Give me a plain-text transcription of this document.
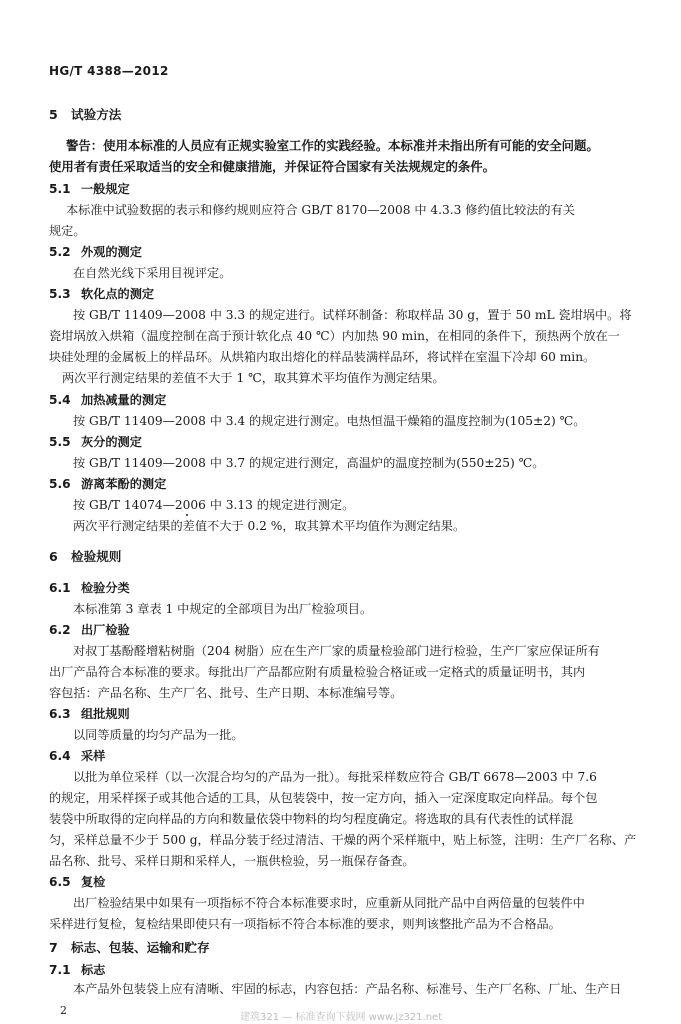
HG/T 4388—2012
5 试验方法
警告：使用本标准的人员应有正规实验室工作的实践经验。本标准并未指出所有可能的安全问题。
使用者有责任采取适当的安全和健康措施，并保证符合国家有关法规规定的条件。
5.1 一般规定
本标准中试验数据的表示和修约规则应符合 GB/T 8170—2008 中 4.3.3 修约值比较法的有关
规定。
5.2 外观的测定
在自然光线下采用目视评定。
5.3 软化点的测定
按 GB/T 11409—2008 中 3.3 的规定进行。试样环制备：称取样品 30 g，置于 50 mL 瓷坩埚中。将
瓷坩埚放入烘箱（温度控制在高于预计软化点 40 ℃）内加热 90 min，在相同的条件下，预热两个放在一
块硅处理的金属板上的样品环。从烘箱内取出熔化的样品装满样品环，将试样在室温下冷却 60 min。
两次平行测定结果的差值不大于 1 ℃，取其算术平均值作为测定结果。
5.4 加热减量的测定
按 GB/T 11409—2008 中 3.4 的规定进行测定。电热恒温干燥箱的温度控制为(105±2) ℃。
5.5 灰分的测定
按 GB/T 11409—2008 中 3.7 的规定进行测定，高温炉的温度控制为(550±25) ℃。
5.6 游离苯酚的测定
按 GB/T 14074—2006 中 3.13 的规定进行测定。
两次平行测定结果的差值不大于 0.2 %，取其算术平均值作为测定结果。
6 检验规则
6.1 检验分类
本标准第 3 章表 1 中规定的全部项目为出厂检验项目。
6.2 出厂检验
对叔丁基酚醛增粘树脂（204 树脂）应在生产厂家的质量检验部门进行检验，生产厂家应保证所有
出厂产品符合本标准的要求。每批出厂产品都应附有质量检验合格证或一定格式的质量证明书，其内
容包括：产品名称、生产厂名、批号、生产日期、本标准编号等。
6.3 组批规则
以同等质量的均匀产品为一批。
6.4 采样
以批为单位采样（以一次混合均匀的产品为一批）。每批采样数应符合 GB/T 6678—2003 中 7.6
的规定，用采样探子或其他合适的工具，从包装袋中，按一定方向，插入一定深度取定向样品。每个包
装袋中所取得的定向样品的方向和数量依袋中物料的均匀程度确定。将选取的具有代表性的试样混
匀，采样总量不少于 500 g，样品分装于经过清洁、干燥的两个采样瓶中，贴上标签，注明：生产厂名称、产
品名称、批号、采样日期和采样人，一瓶供检验，另一瓶保存备查。
6.5 复检
出厂检验结果中如果有一项指标不符合本标准要求时，应重新从同批产品中自两倍量的包装件中
采样进行复检，复检结果即使只有一项指标不符合本标准的要求，则判该整批产品为不合格品。
7 标志、包装、运输和贮存
7.1 标志
本产品外包装袋上应有清晰、牢固的标志，内容包括：产品名称、标准号、生产厂名称、厂址、生产日
2
建筑321 — 标准查询下载网 www.jz321.net
